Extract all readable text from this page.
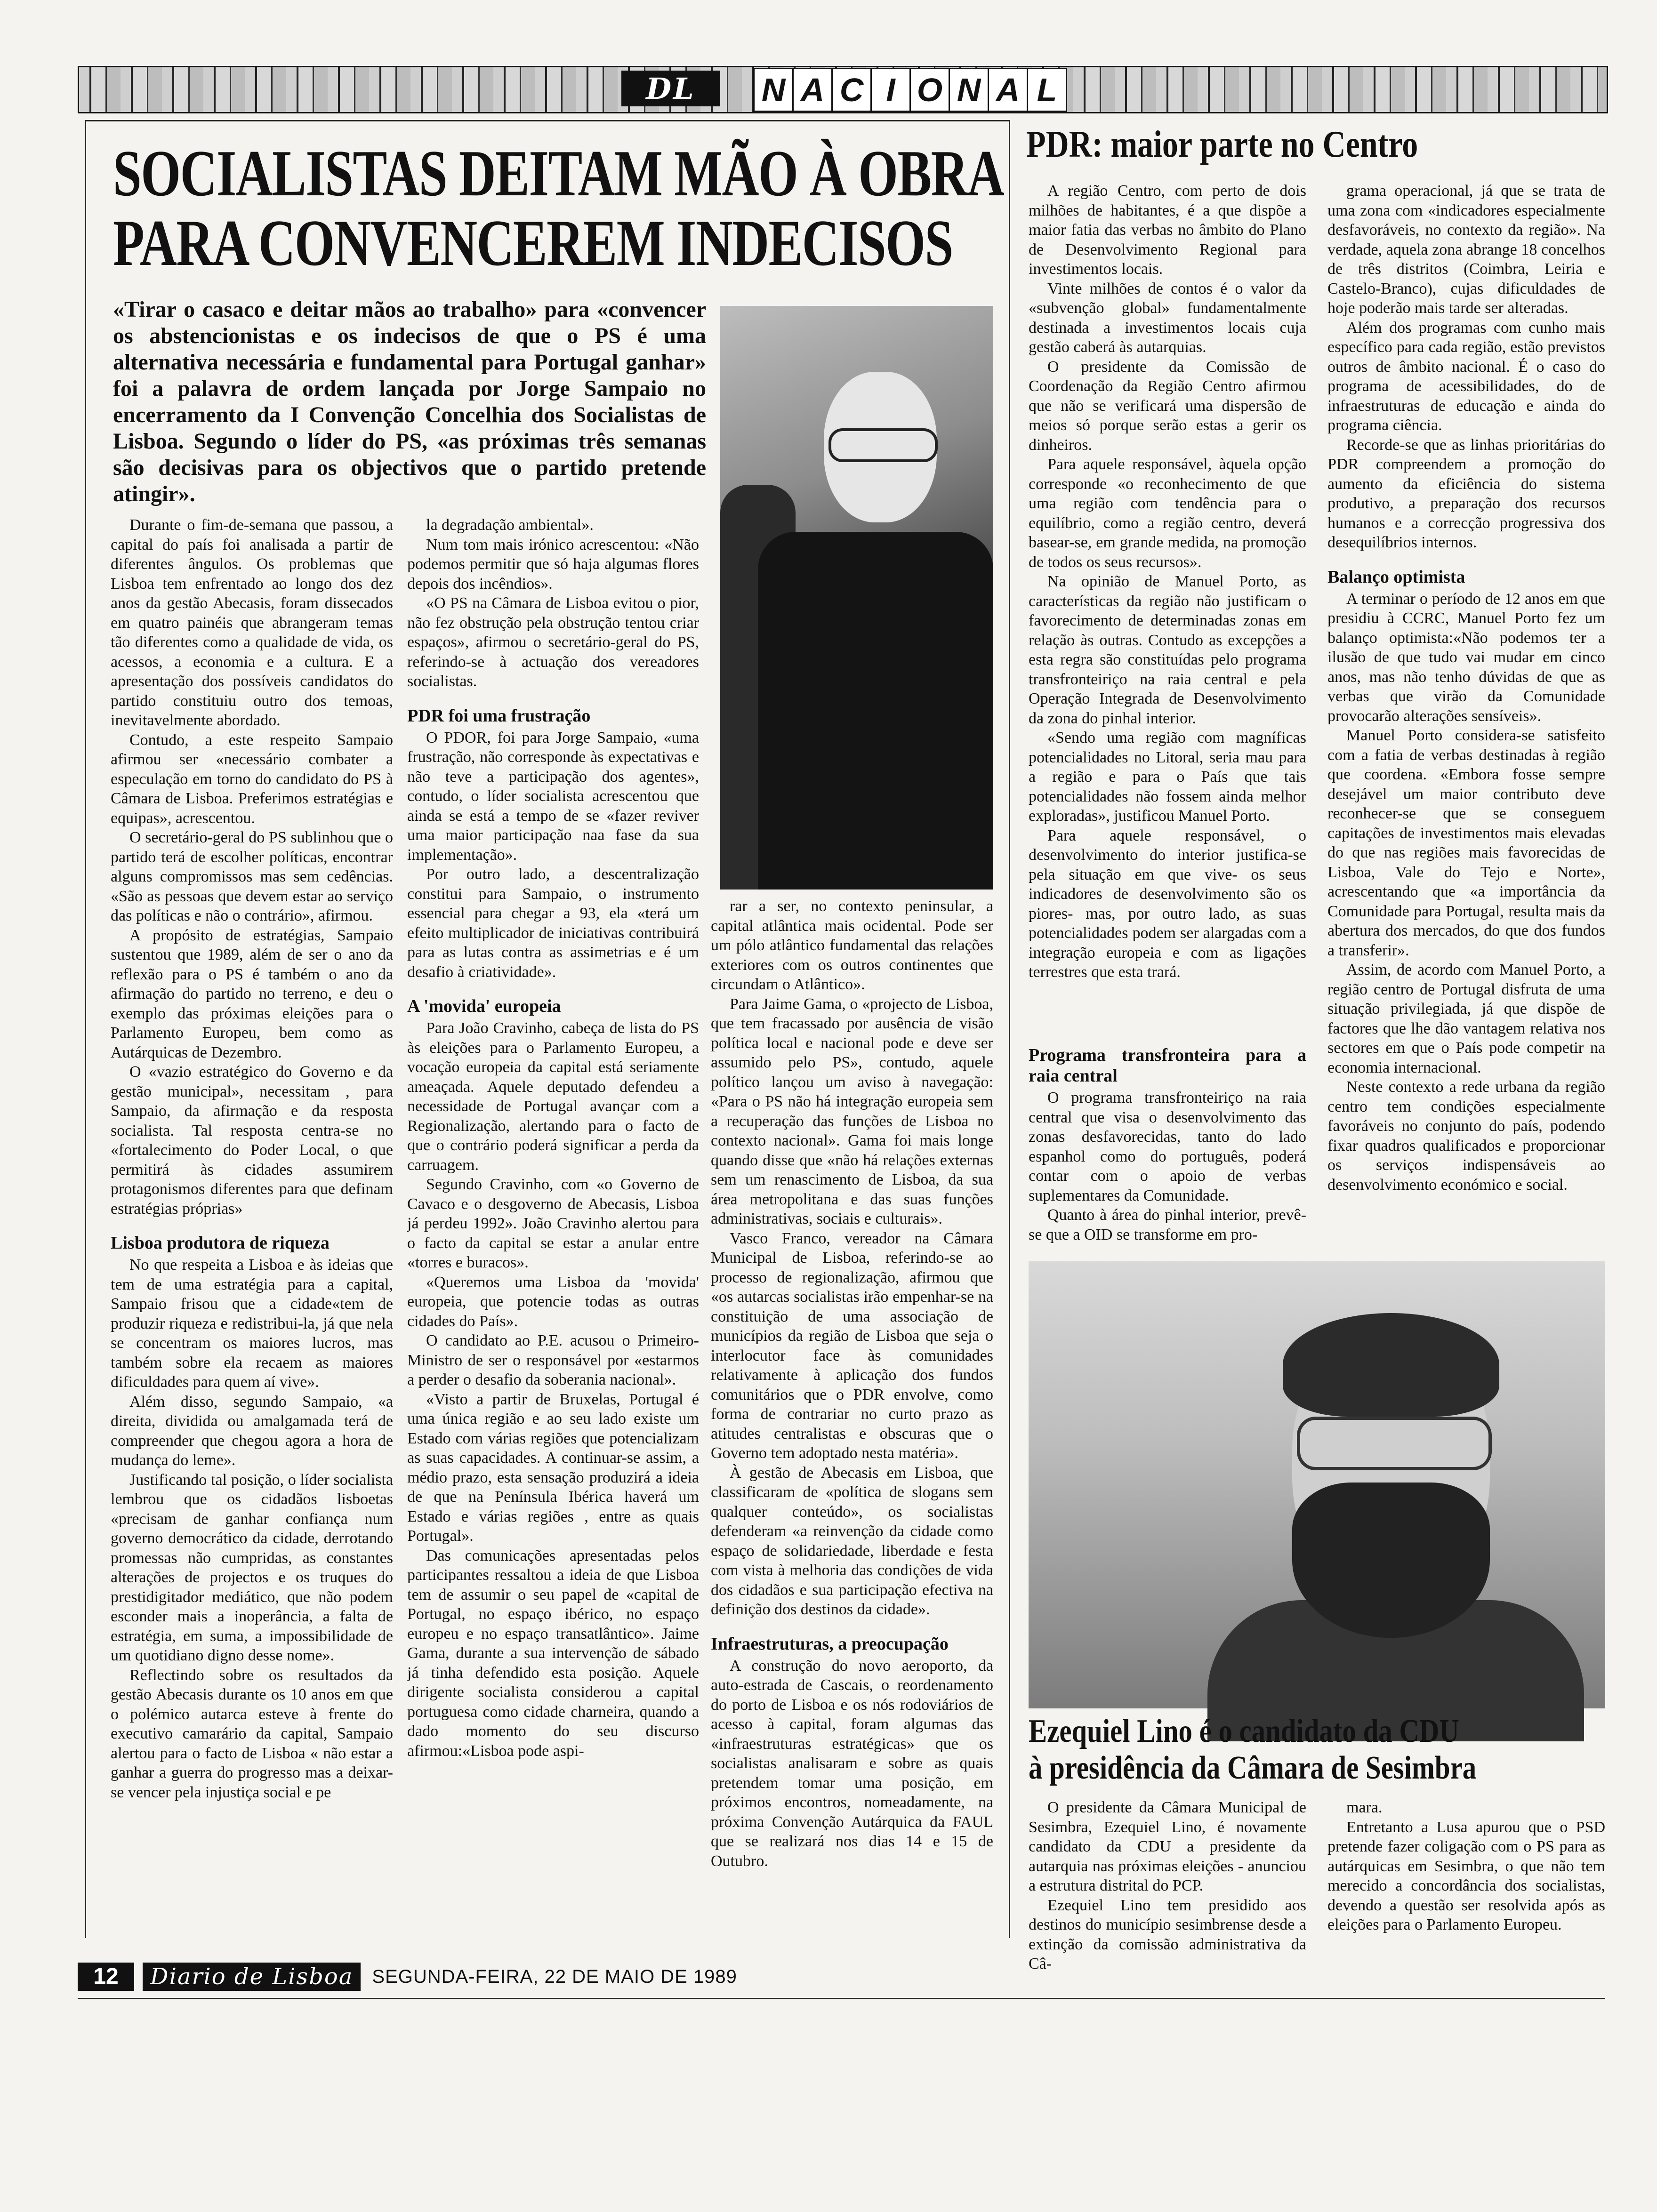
DL	N A C I O N A L
SOCIALISTAS DEITAM MÃO À OBRA
PARA CONVENCEREM INDECISOS

«Tirar o casaco e deitar mãos ao trabalho» para «convencer os abstencionistas e os indecisos de que o PS é uma alternativa necessária e fundamental para Portugal ganhar» foi a palavra de ordem lançada por Jorge Sampaio no encerramento da I Convenção Concelhia dos Socialistas de Lisboa. Segundo o líder do PS, «as próximas três semanas são decisivas para os objectivos que o partido pretende atingir».

Durante o fim-de-semana que passou, a capital do país foi analisada a partir de diferentes ângulos. Os problemas que Lisboa tem enfrentado ao longo dos dez anos da gestão Abecasis, foram dissecados em quatro painéis que abrangeram temas tão diferentes como a qualidade de vida, os acessos, a economia e a cultura. E a apresentação dos possíveis candidatos do partido constituiu outro dos temoas, inevitavelmente abordado.

Contudo, a este respeito Sampaio afirmou ser «necessário combater a especulação em torno do candidato do PS à Câmara de Lisboa. Preferimos estratégias e equipas», acrescentou.

O secretário-geral do PS sublinhou que o partido terá de escolher políticas, encontrar alguns compromissos mas sem cedências. «São as pessoas que devem estar ao serviço das políticas e não o contrário», afirmou.

A propósito de estratégias, Sampaio sustentou que 1989, além de ser o ano da reflexão para o PS é também o ano da afirmação do partido no terreno, e deu o exemplo das próximas eleições para o Parlamento Europeu, bem como as Autárquicas de Dezembro.

O «vazio estratégico do Governo e da gestão municipal», necessitam , para Sampaio, da afirmação e da resposta socialista. Tal resposta centra-se no «fortalecimento do Poder Local, o que permitirá às cidades assumirem protagonismos diferentes para que definam estratégias próprias»

Lisboa produtora de riqueza

No que respeita a Lisboa e às ideias que tem de uma estratégia para a capital, Sampaio frisou que a cidade«tem de produzir riqueza e redistribui-la, já que nela se concentram os maiores lucros, mas também sobre ela recaem as maiores dificuldades para quem aí vive».

Além disso, segundo Sampaio, «a direita, dividida ou amalgamada terá de compreender que chegou agora a hora de mudança do leme».

Justificando tal posição, o líder socialista lembrou que os cidadãos lisboetas «precisam de ganhar confiança num governo democrático da cidade, derrotando promessas não cumpridas, as constantes alterações de projectos e os truques do prestidigitador mediático, que não podem esconder mais a inoperância, a falta de estratégia, em suma, a impossibilidade de um quotidiano digno desse nome».

Reflectindo sobre os resultados da gestão Abecasis durante os 10 anos em que o polémico autarca esteve à frente do executivo camarário da capital, Sampaio alertou para o facto de Lisboa « não estar a ganhar a guerra do progresso mas a deixar-se vencer pela injustiça social e pe

la degradação ambiental».

Num tom mais irónico acrescentou: «Não podemos permitir que só haja algumas flores depois dos incêndios».

«O PS na Câmara de Lisboa evitou o pior, não fez obstrução pela obstrução tentou criar espaços», afirmou o secretário-geral do PS, referindo-se à actuação dos vereadores socialistas.

PDR foi uma frustração

O PDOR, foi para Jorge Sampaio, «uma frustração, não corresponde às expectativas e não teve a participação dos agentes», contudo, o líder socialista acrescentou que ainda se está a tempo de se «fazer reviver uma maior participação naa fase da sua implementação».

Por outro lado, a descentralização constitui para Sampaio, o instrumento essencial para chegar a 93, ela «terá um efeito multiplicador de iniciativas contribuirá para as lutas contra as assimetrias e é um desafio à criatividade».

A 'movida' europeia

Para João Cravinho, cabeça de lista do PS às eleições para o Parlamento Europeu, a vocação europeia da capital está seriamente ameaçada. Aquele deputado defendeu a necessidade de Portugal avançar com a Regionalização, alertando para o facto de que o contrário poderá significar a perda da carruagem.

Segundo Cravinho, com «o Governo de Cavaco e o desgoverno de Abecasis, Lisboa já perdeu 1992». João Cravinho alertou para o facto da capital se estar a anular entre «torres e buracos».

«Queremos uma Lisboa da 'movida' europeia, que potencie todas as outras cidades do País».

O candidato ao P.E. acusou o Primeiro-Ministro de ser o responsável por «estarmos a perder o desafio da soberania nacional».

«Visto a partir de Bruxelas, Portugal é uma única região e ao seu lado existe um Estado com várias regiões que potencializam as suas capacidades. A continuar-se assim, a médio prazo, esta sensação produzirá a ideia de que na Península Ibérica haverá um Estado e várias regiões , entre as quais Portugal».

Das comunicações apresentadas pelos participantes ressaltou a ideia de que Lisboa tem de assumir o seu papel de «capital de Portugal, no espaço ibérico, no espaço europeu e no espaço transatlântico». Jaime Gama, durante a sua intervenção de sábado já tinha defendido esta posição. Aquele dirigente socialista considerou a capital portuguesa como cidade charneira, quando a dado momento do seu discurso afirmou:«Lisboa pode aspi-

rar a ser, no contexto peninsular, a capital atlântica mais ocidental. Pode ser um pólo atlântico fundamental das relações exteriores com os outros continentes que circundam o Atlântico».

Para Jaime Gama, o «projecto de Lisboa, que tem fracassado por ausência de visão política local e nacional pode e deve ser assumido pelo PS», contudo, aquele político lançou um aviso à navegação: «Para o PS não há integração europeia sem a recuperação das funções de Lisboa no contexto nacional». Gama foi mais longe quando disse que «não há relações externas sem um renascimento de Lisboa, da sua área metropolitana e das suas funções administrativas, sociais e culturais».

Vasco Franco, vereador na Câmara Municipal de Lisboa, referindo-se ao processo de regionalização, afirmou que «os autarcas socialistas irão empenhar-se na constituição de uma associação de municípios da região de Lisboa que seja o interlocutor face às comunidades relativamente à aplicação dos fundos comunitários que o PDR envolve, como forma de contrariar no curto prazo as atitudes centralistas e obscuras que o Governo tem adoptado nesta matéria».

À gestão de Abecasis em Lisboa, que classificaram de «política de slogans sem qualquer conteúdo», os socialistas defenderam «a reinvenção da cidade como espaço de solidariedade, liberdade e festa com vista à melhoria das condições de vida dos cidadãos e sua participação efectiva na definição dos destinos da cidade».

Infraestruturas, a preocupação

A construção do novo aeroporto, da auto-estrada de Cascais, o reordenamento do porto de Lisboa e os nós rodoviários de acesso à capital, foram algumas das «infraestruturas estratégicas» que os socialistas analisaram e sobre as quais pretendem tomar uma posição, em próximos encontros, nomeadamente, na próxima Convenção Autárquica da FAUL que se realizará nos dias 14 e 15 de Outubro.

PDR: maior parte no Centro

A região Centro, com perto de dois milhões de habitantes, é a que dispõe a maior fatia das verbas no âmbito do Plano de Desenvolvimento Regional para investimentos locais.

Vinte milhões de contos é o valor da «subvenção global» fundamentalmente destinada a investimentos locais cuja gestão caberá às autarquias.

O presidente da Comissão de Coordenação da Região Centro afirmou que não se verificará uma dispersão de meios só porque serão estas a gerir os dinheiros.

Para aquele responsável, àquela opção corresponde «o reconhecimento de que uma região com tendência para o equilíbrio, como a região centro, deverá basear-se, em grande medida, na promoção de todos os seus recursos».

Na opinião de Manuel Porto, as características da região não justificam o favorecimento de determinadas zonas em relação às outras. Contudo as excepções a esta regra são constituídas pelo programa transfronteiriço na raia central e pela Operação Integrada de Desenvolvimento da zona do pinhal interior.

«Sendo uma região com magníficas potencialidades no Litoral, seria mau para a região e para o País que tais potencialidades não fossem ainda melhor exploradas», justificou Manuel Porto.

Para aquele responsável, o desenvolvimento do interior justifica-se pela situação em que vive- os seus indicadores de desenvolvimento são os piores- mas, por outro lado, as suas potencialidades podem ser alargadas com a integração europeia e com as ligações terrestres que esta trará.

grama operacional, já que se trata de uma zona com «indicadores especialmente desfavoráveis, no contexto da região». Na verdade, aquela zona abrange 18 concelhos de três distritos (Coimbra, Leiria e Castelo-Branco), cujas dificuldades de hoje poderão mais tarde ser alteradas.

Além dos programas com cunho mais específico para cada região, estão previstos outros de âmbito nacional. É o caso do programa de acessibilidades, do de infraestruturas de educação e ainda do programa ciência.

Recorde-se que as linhas prioritárias do PDR compreendem a promoção do aumento da eficiência do sistema produtivo, a preparação dos recursos humanos e a correcção progressiva dos desequilíbrios internos.

Balanço optimista

A terminar o período de 12 anos em que presidiu à CCRC, Manuel Porto fez um balanço optimista:«Não podemos ter a ilusão de que tudo vai mudar em cinco anos, mas não tenho dúvidas de que as verbas que virão da Comunidade provocarão alterações sensíveis».

Manuel Porto considera-se satisfeito com a fatia de verbas destinadas à região que coordena. «Embora fosse sempre desejável um maior contributo deve reconhecer-se que se conseguem capitações de investimentos mais elevadas do que nas regiões mais favorecidas de Lisboa, Vale do Tejo e Norte», acrescentando que «a importância da Comunidade para Portugal, resulta mais da abertura dos mercados, do que dos fundos a transferir».

Assim, de acordo com Manuel Porto, a região centro de Portugal disfruta de uma situação privilegiada, já que dispõe de factores que lhe dão vantagem relativa nos sectores em que o País pode competir na economia internacional.

Neste contexto a rede urbana da região centro tem condições especialmente favoráveis no conjunto do país, podendo fixar quadros qualificados e proporcionar os serviços indispensáveis ao desenvolvimento económico e social.

Programa transfronteira para a raia central

O programa transfronteiriço na raia central que visa o desenvolvimento das zonas desfavorecidas, tanto do lado espanhol como do português, poderá contar com o apoio de verbas suplementares da Comunidade.

Quanto à área do pinhal interior, prevê-se que a OID se transforme em pro-

Ezequiel Lino é o candidato da CDU
à presidência da Câmara de Sesimbra

O presidente da Câmara Municipal de Sesimbra, Ezequiel Lino, é novamente candidato da CDU a presidente da autarquia nas próximas eleições - anunciou a estrutura distrital do PCP.

Ezequiel Lino tem presidido aos destinos do município sesimbrense desde a extinção da comissão administrativa da Câ-

mara.

Entretanto a Lusa apurou que o PSD pretende fazer coligação com o PS para as autárquicas em Sesimbra, o que não tem merecido a concordância dos socialistas, devendo a questão ser resolvida após as eleições para o Parlamento Europeu.

12	Diario de Lisboa	SEGUNDA-FEIRA, 22 DE MAIO DE 1989
